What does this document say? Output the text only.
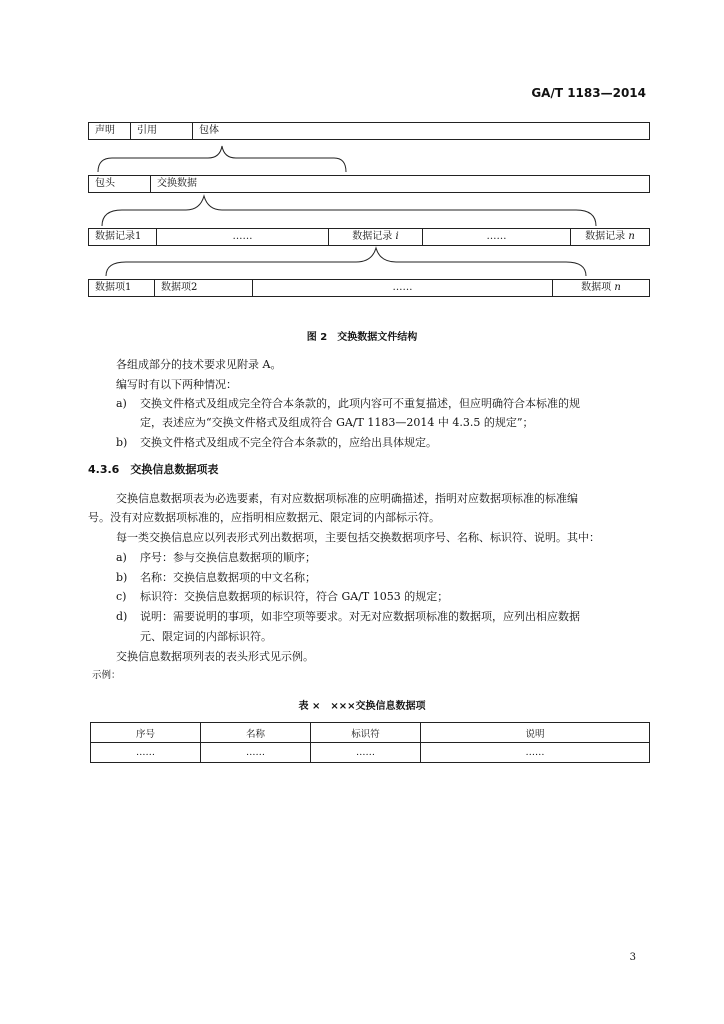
GA/T 1183—2014
声明	引用	包体
包头	交换数据
数据记录1	……	数据记录 i	……	数据记录 n
数据项1	数据项2	……	数据项 n
图 2　交换数据文件结构
各组成部分的技术要求见附录 A。
编写时有以下两种情况：
a) 交换文件格式及组成完全符合本条款的，此项内容可不重复描述，但应明确符合本标准的规
定，表述应为“交换文件格式及组成符合 GA/T 1183—2014 中 4.3.5 的规定”；
b) 交换文件格式及组成不完全符合本条款的，应给出具体规定。
4.3.6　交换信息数据项表
交换信息数据项表为必选要素，有对应数据项标准的应明确描述，指明对应数据项标准的标准编
号。没有对应数据项标准的，应指明相应数据元、限定词的内部标示符。
每一类交换信息应以列表形式列出数据项，主要包括交换数据项序号、名称、标识符、说明。其中：
a) 序号：参与交换信息数据项的顺序；
b) 名称：交换信息数据项的中文名称；
c) 标识符：交换信息数据项的标识符，符合 GA/T 1053 的规定；
d) 说明：需要说明的事项，如非空项等要求。对无对应数据项标准的数据项，应列出相应数据
元、限定词的内部标识符。
交换信息数据项列表的表头形式见示例。
示例：
表 ×　×××交换信息数据项
序号	名称	标识符	说明
……	……	……	……
3
